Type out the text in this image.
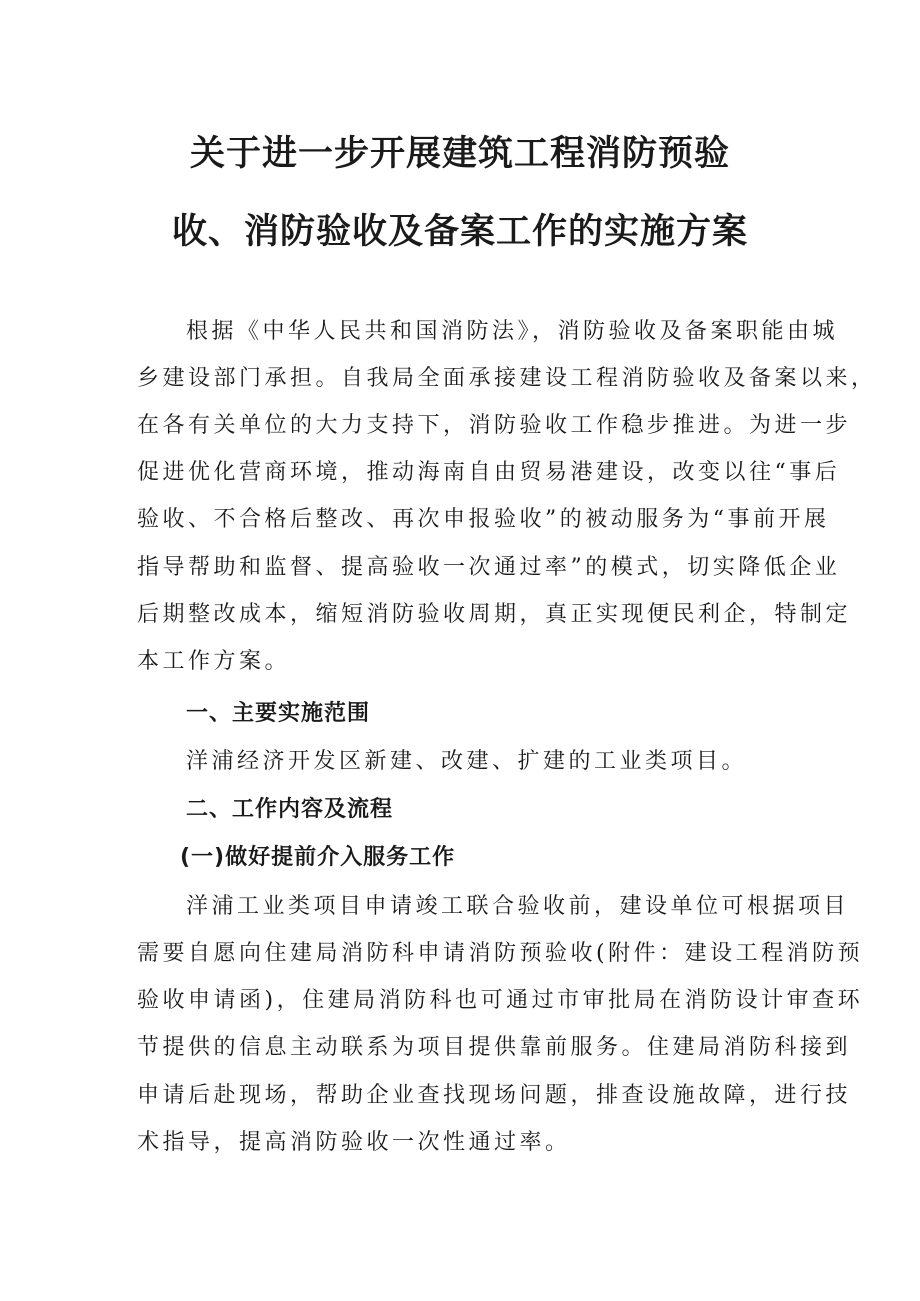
关于进一步开展建筑工程消防预验
收、消防验收及备案工作的实施方案
根据《中华人民共和国消防法》，消防验收及备案职能由城
乡建设部门承担。自我局全面承接建设工程消防验收及备案以来，
在各有关单位的大力支持下，消防验收工作稳步推进。为进一步
促进优化营商环境，推动海南自由贸易港建设，改变以往“事后
验收、不合格后整改、再次申报验收”的被动服务为“事前开展
指导帮助和监督、提高验收一次通过率”的模式，切实降低企业
后期整改成本，缩短消防验收周期，真正实现便民利企，特制定
本工作方案。
一、主要实施范围
洋浦经济开发区新建、改建、扩建的工业类项目。
二、工作内容及流程
(一)做好提前介入服务工作
洋浦工业类项目申请竣工联合验收前，建设单位可根据项目
需要自愿向住建局消防科申请消防预验收(附件：建设工程消防预
验收申请函)，住建局消防科也可通过市审批局在消防设计审查环
节提供的信息主动联系为项目提供靠前服务。住建局消防科接到
申请后赴现场，帮助企业查找现场问题，排查设施故障，进行技
术指导，提高消防验收一次性通过率。
